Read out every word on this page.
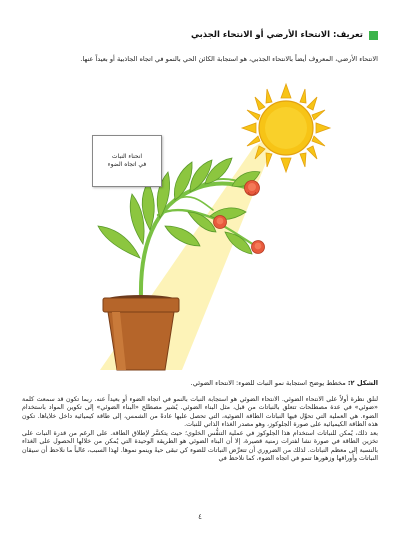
تعريف: الانتحاء الأرضي أو الانتحاء الجذبي
الانتحاء الأرضي، المعروف أيضاً بالانتحاء الجذبي، هو استجابة الكائن الحي بالنمو في اتجاه الجاذبية أو بعيداً عنها.
انحناء النبات
في اتجاه الضوء
الشكل ٢: مخطط يوضح استجابة نمو النبات للضوء: الانتحاء الضوئي.

لنلق نظرة أولاً على الانتحاء الضوئي. الانتحاء الضوئي هو استجابة النبات بالنمو في اتجاه الضوء أو بعيداً عنه. ربما تكون قد سمعت كلمة «ضوئي» في عدة مصطلحات تتعلق بالنباتات من قبل، مثل البناء الضوئي. يُشير مصطلح «البناء الضوئي» إلى تكوين المواد باستخدام الضوء. هي العملية التي تحوِّل فيها النباتات الطاقة الضوئية، التي تحصل عليها عادةً من الشمس، إلى طاقة كيميائية داخل خلاياها. تكون هذه الطاقة الكيميائية على صورة الجلوكوز، وهو مصدر الغذاء الذاتي للنبات.

بعد ذلك، يُمكن للنباتات استخدام هذا الجلوكوز في عملية التنفُّس الخلوي؛ حيث يتكسَّر لإطلاق الطاقة. على الرغم من قدرة النبات على تخزين الطاقة في صورة نشا لفترات زمنية قصيرة، إلا أن البناء الضوئي هو الطريقة الوحيدة التي يُمكن من خلالها الحصول على الغذاء بالنسبة إلى معظم النباتات. لذلك من الضروري أن تتعرَّض النباتات للضوء كي تبقى حيةً وينمو نموها. لهذا السبب، غالباً ما نلاحظ أن سيقان النباتات وأوراقها وزهورها تنمو في اتجاه الضوء، كما نلاحظ في

٤
